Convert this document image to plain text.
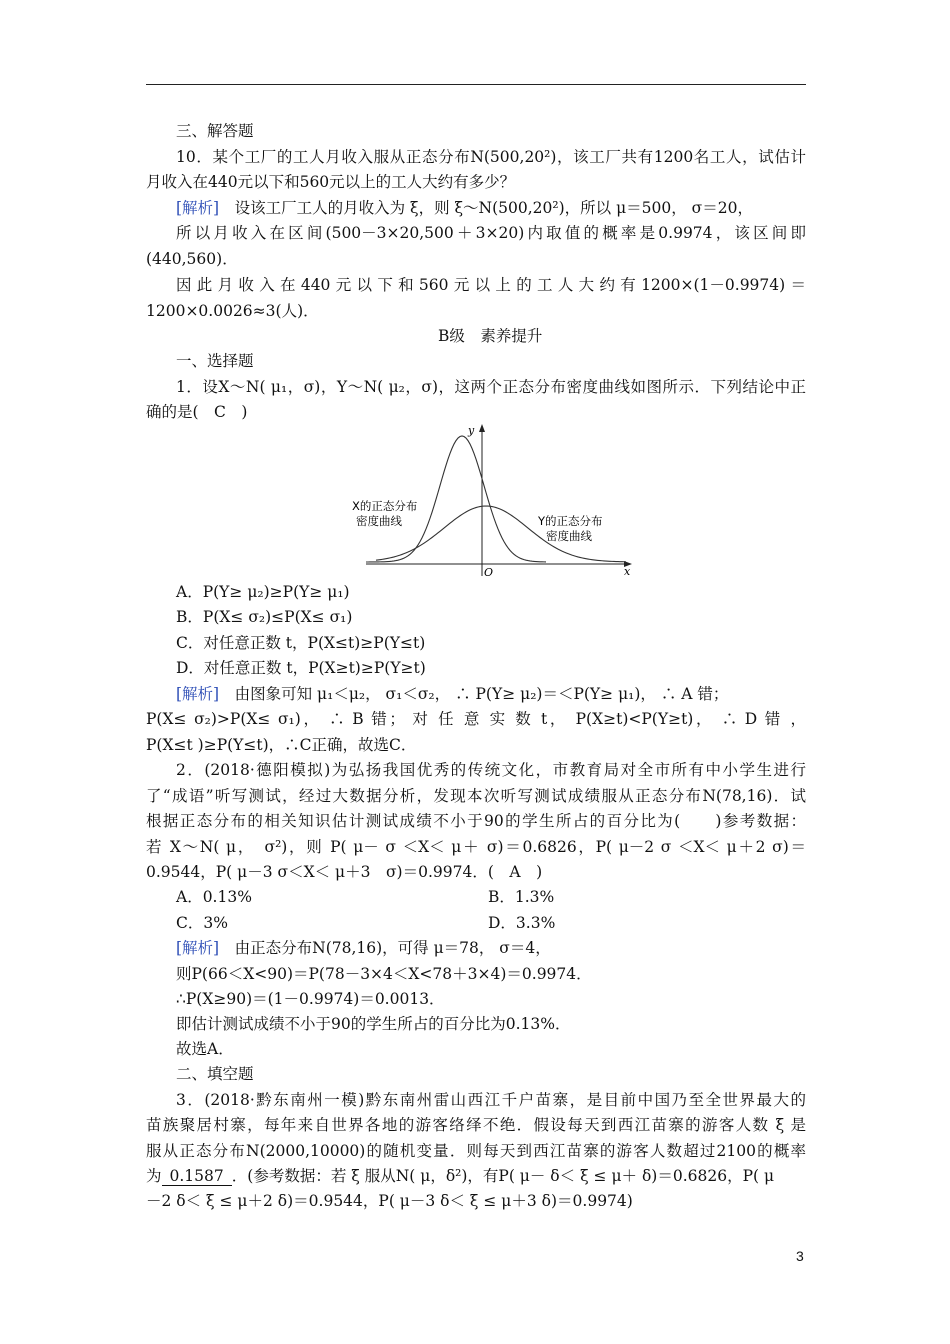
三、解答题
10．某个工厂的工人月收入服从正态分布N(500,20²)，该工厂共有1200名工人，试估计
月收入在440元以下和560元以上的工人大约有多少？
[解析]　 设该工厂工人的月收入为 ξ，则 ξ～N(500,20²)，所以 μ＝500， σ＝20，
所以月收入在区间(500－3×20,500＋3×20)内取值的概率是0.9974，该区间即
(440,560)．
因此月收入在440元以下和560元以上的工人大约有1200×(1－0.9974)＝
1200×0.0026≈3(人)．
B级　素养提升
一、选择题
1．设X～N( μ₁，σ)，Y～N( μ₂，σ)，这两个正态分布密度曲线如图所示．下列结论中正
确的是(　C　)
y
x
O
X的正态分布
密度曲线	Y的正态分布
密度曲线
A．P(Y≥ μ₂)≥P(Y≥ μ₁)
B．P(X≤ σ₂)≤P(X≤ σ₁)
C．对任意正数 t，P(X≤t)≥P(Y≤t)
D．对任意正数 t，P(X≥t)≥P(Y≥t)
[解析]　 由图象可知 μ₁＜μ₂， σ₁＜σ₂， ∴ P(Y≥ μ₂)＝＜P(Y≥ μ₁)， ∴ A 错；
P(X≤ σ₂)>P(X≤ σ₁)， ∴ B 错； 对 任 意 实 数 t， P(X≥t)<P(Y≥t)， ∴ D 错 ，
P(X≤t )≥P(Y≤t)，∴C正确，故选C．
2．(2018·德阳模拟)为弘扬我国优秀的传统文化，市教育局对全市所有中小学生进行
了“成语”听写测试，经过大数据分析，发现本次听写测试成绩服从正态分布N(78,16)．试
根据正态分布的相关知识估计测试成绩不小于90的学生所占的百分比为(　　)参考数据：
若 X～N( μ，　σ²)，则 P( μ－ σ ＜X＜ μ＋ σ)＝0.6826，P( μ－2 σ ＜X＜ μ＋2 σ)＝
0.9544，P( μ－3 σ＜X＜ μ＋3　σ)＝0.9974．(　A　)
A．0.13%	B．1.3%
C．3%	D．3.3%
[解析]　 由正态分布N(78,16)，可得 μ＝78， σ＝4，
则P(66＜X<90)＝P(78－3×4＜X<78＋3×4)＝0.9974．
∴P(X≥90)＝(1－0.9974)＝0.0013．
即估计测试成绩不小于90的学生所占的百分比为0.13%．
故选A．
二、填空题
3．(2018·黔东南州一模)黔东南州雷山西江千户苗寨，是目前中国乃至全世界最大的
苗族聚居村寨，每年来自世界各地的游客络绎不绝．假设每天到西江苗寨的游客人数 ξ 是
服从正态分布N(2000,10000)的随机变量．则每天到西江苗寨的游客人数超过2100的概率
为 0.1587 ．(参考数据：若 ξ 服从N( μ，δ²)，有P( μ－ δ＜ ξ ≤ μ＋ δ)＝0.6826，P( μ
－2 δ＜ ξ ≤ μ＋2 δ)＝0.9544，P( μ－3 δ＜ ξ ≤ μ＋3 δ)＝0.9974)
3
